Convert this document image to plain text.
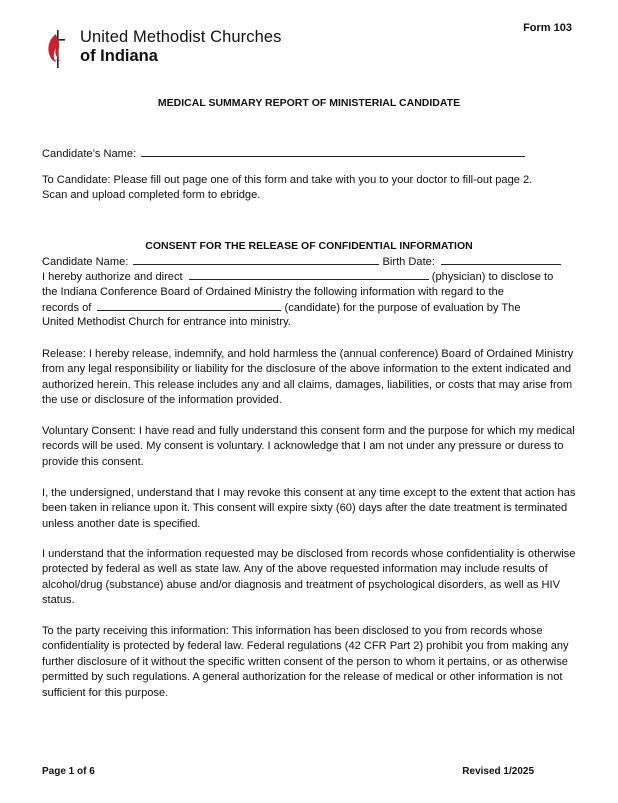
United Methodist Churches
of Indiana
Form 103
MEDICAL SUMMARY REPORT OF MINISTERIAL CANDIDATE
Candidate’s Name:
To Candidate: Please fill out page one of this form and take with you to your doctor to fill-out page 2.
Scan and upload completed form to ebridge.
CONSENT FOR THE RELEASE OF CONFIDENTIAL INFORMATION
Candidate Name:	Birth Date:
I hereby authorize and direct	(physician) to disclose to
the Indiana Conference Board of Ordained Ministry the following information with regard to the
records of	(candidate) for the purpose of evaluation by The
United Methodist Church for entrance into ministry.
Release: I hereby release, indemnify, and hold harmless the (annual conference) Board of Ordained Ministry from any legal responsibility or liability for the disclosure of the above information to the extent indicated and authorized herein. This release includes any and all claims, damages, liabilities, or costs that may arise from the use or disclosure of the information provided.
Voluntary Consent: I have read and fully understand this consent form and the purpose for which my medical records will be used. My consent is voluntary. I acknowledge that I am not under any pressure or duress to provide this consent.
I, the undersigned, understand that I may revoke this consent at any time except to the extent that action has been taken in reliance upon it. This consent will expire sixty (60) days after the date treatment is terminated unless another date is specified.
I understand that the information requested may be disclosed from records whose confidentiality is otherwise protected by federal as well as state law. Any of the above requested information may include results of alcohol/drug (substance) abuse and/or diagnosis and treatment of psychological disorders, as well as HIV status.
To the party receiving this information: This information has been disclosed to you from records whose confidentiality is protected by federal law. Federal regulations (42 CFR Part 2) prohibit you from making any further disclosure of it without the specific written consent of the person to whom it pertains, or as otherwise permitted by such regulations. A general authorization for the release of medical or other information is not sufficient for this purpose.
Page 1 of 6	Revised 1/2025
